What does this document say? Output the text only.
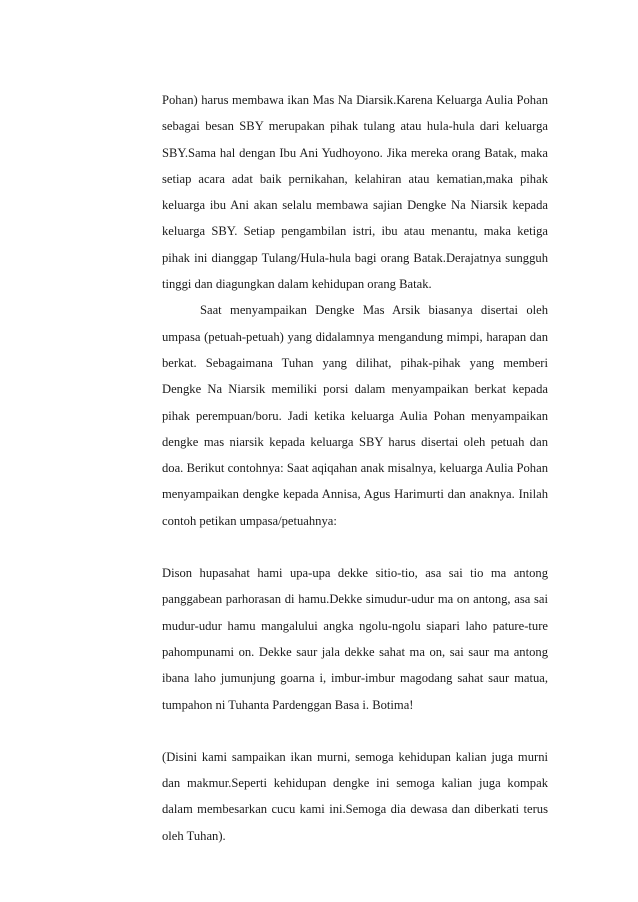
Pohan) harus membawa ikan Mas Na Diarsik.Karena Keluarga Aulia Pohan sebagai besan SBY merupakan pihak tulang atau hula-hula dari keluarga SBY.Sama hal dengan Ibu Ani Yudhoyono. Jika mereka orang Batak, maka setiap acara adat baik pernikahan, kelahiran atau kematian,maka pihak keluarga ibu Ani akan selalu membawa sajian Dengke Na Niarsik kepada keluarga SBY. Setiap pengambilan istri, ibu atau menantu, maka ketiga pihak ini dianggap Tulang/Hula-hula bagi orang Batak.Derajatnya sungguh tinggi dan diagungkan dalam kehidupan orang Batak.

Saat menyampaikan Dengke Mas Arsik biasanya disertai oleh umpasa (petuah-petuah) yang didalamnya mengandung mimpi, harapan dan berkat. Sebagaimana Tuhan yang dilihat, pihak-pihak yang memberi Dengke Na Niarsik memiliki porsi dalam menyampaikan berkat kepada pihak perempuan/boru. Jadi ketika keluarga Aulia Pohan menyampaikan dengke mas niarsik kepada keluarga SBY harus disertai oleh petuah dan doa. Berikut contohnya: Saat aqiqahan anak misalnya, keluarga Aulia Pohan menyampaikan dengke kepada Annisa, Agus Harimurti dan anaknya. Inilah contoh petikan umpasa/petuahnya:

Dison hupasahat hami upa-upa dekke sitio-tio, asa sai tio ma antong panggabean parhorasan di hamu.Dekke simudur-udur ma on antong, asa sai mudur-udur hamu mangalului angka ngolu-ngolu siapari laho pature-ture pahompunami on. Dekke saur jala dekke sahat ma on, sai saur ma antong ibana laho jumunjung goarna i, imbur-imbur magodang sahat saur matua, tumpahon ni Tuhanta Pardenggan Basa i. Botima!

(Disini kami sampaikan ikan murni, semoga kehidupan kalian juga murni dan makmur.Seperti kehidupan dengke ini semoga kalian juga kompak dalam membesarkan cucu kami ini.Semoga dia dewasa dan diberkati terus oleh Tuhan).
